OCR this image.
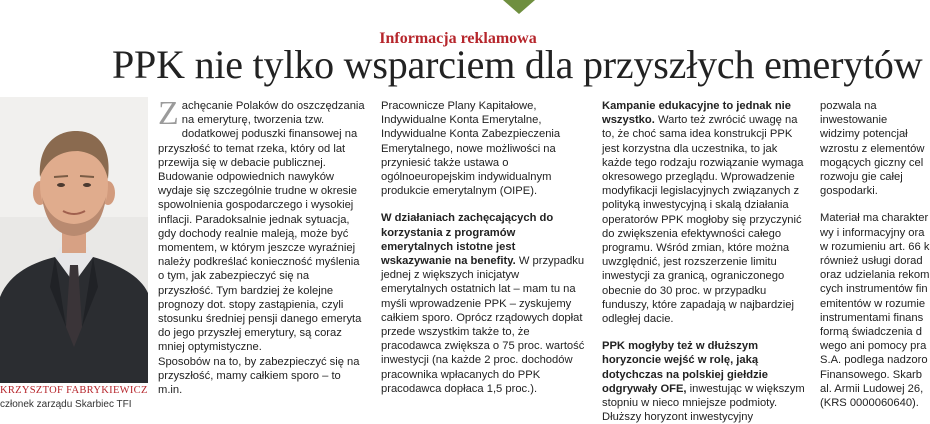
Informacja reklamowa
PPK nie tylko wsparciem dla przyszłych emerytów
KRZYSZTOF FABRYKIEWICZ
członek zarządu Skarbiec TFI

Zachęcanie Polaków do oszczędzania na emeryturę, tworzenia tzw. dodatkowej poduszki finansowej na przyszłość to temat rzeka, który od lat przewija się w debacie publicznej. Budowanie odpowiednich nawyków wydaje się szczególnie trudne w okresie spowolnienia gospodarczego i wysokiej inflacji. Paradoksalnie jednak sytuacja, gdy dochody realnie maleją, może być momentem, w którym jeszcze wyraźniej należy podkreślać konieczność myślenia o tym, jak zabezpieczyć się na przyszłość. Tym bardziej że kolejne prognozy dot. stopy zastąpienia, czyli stosunku średniej pensji danego emeryta do jego przyszłej emerytury, są coraz mniej optymistyczne.

Sposobów na to, by zabezpieczyć się na przyszłość, mamy całkiem sporo – to m.in.

Pracownicze Plany Kapitałowe, Indywidualne Konta Emerytalne, Indywidualne Konta Zabezpieczenia Emerytalnego, nowe możliwości na przyniesić także ustawa o ogólnoeuropejskim indywidualnym produkcie emerytalnym (OIPE).

W działaniach zachęcających do korzystania z programów emerytalnych istotne jest wskazywanie na benefity. W przypadku jednej z większych inicjatyw emerytalnych ostatnich lat – mam tu na myśli wprowadzenie PPK – zyskujemy całkiem sporo. Oprócz rządowych dopłat przede wszystkim także to, że pracodawca zwiększa o 75 proc. wartość inwestycji (na każde 2 proc. dochodów pracownika wpłacanych do PPK pracodawca dopłaca 1,5 proc.).

Kampanie edukacyjne to jednak nie wszystko. Warto też zwrócić uwagę na to, że choć sama idea konstrukcji PPK jest korzystna dla uczestnika, to jak każde tego rodzaju rozwiązanie wymaga okresowego przeglądu. Wprowadzenie modyfikacji legislacyjnych związanych z polityką inwestycyjną i skalą działania operatorów PPK mogłoby się przyczynić do zwiększenia efektywności całego programu. Wśród zmian, które można uwzględnić, jest rozszerzenie limitu inwestycji za granicą, ograniczonego obecnie do 30 proc. w przypadku funduszy, które zapadają w najbardziej odległej dacie.

PPK mogłyby też w dłuższym horyzoncie wejść w rolę, jaką dotychczas na polskiej giełdzie odgrywały OFE, inwestując w większym stopniu w nieco mniejsze podmioty. Dłuższy horyzont inwestycyjny

pozwala na inwestowanie widzimy potencjał wzrostu z elementów mogących giczny cel rozwoju gie całej gospodarki.

Materiał ma charakter wy i informacyjny ora w rozumieniu art. 66 k również usługi dorad oraz udzielania rekom cych instrumentów fin emitentów w rozumie instrumentami finans formą świadczenia d wego ani pomocy pra S.A. podlega nadzoro Finansowego. Skarb al. Armii Ludowej 26, (KRS 0000060640).
